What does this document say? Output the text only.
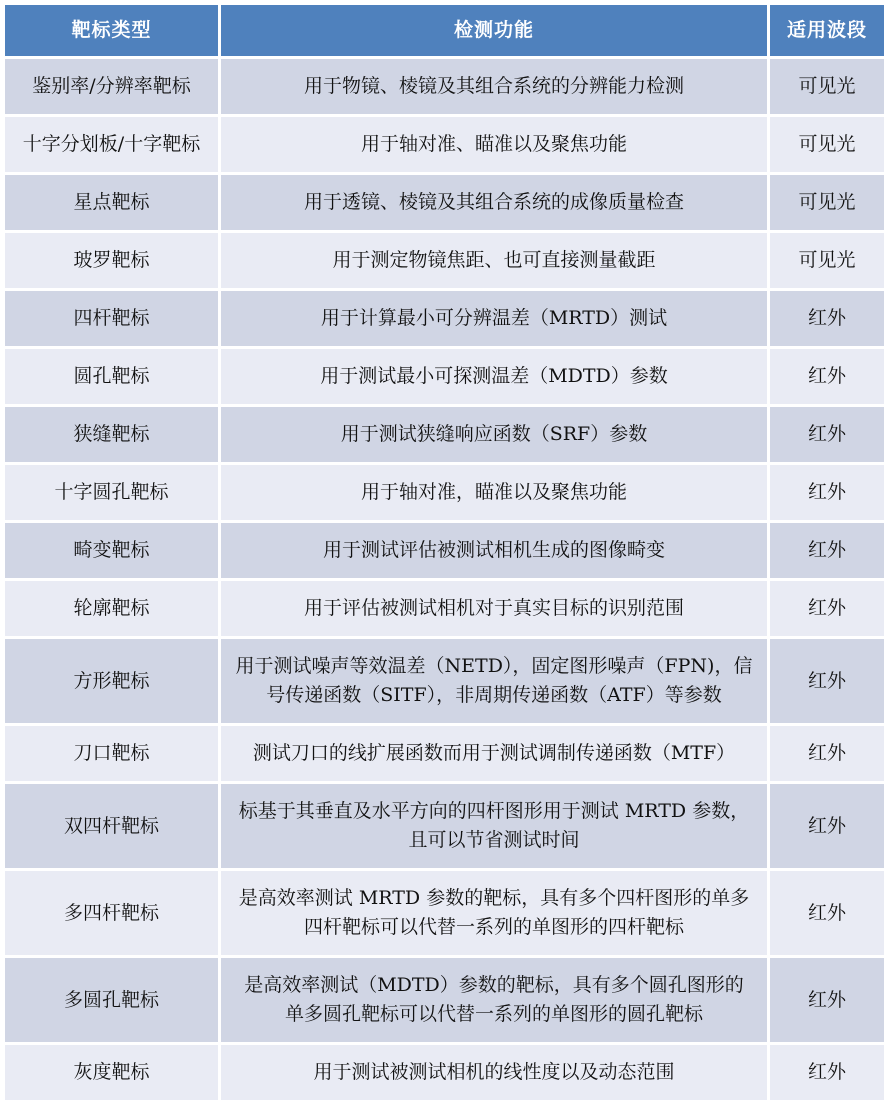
靶标类型	检测功能	适用波段
鉴别率/分辨率靶标	用于物镜、棱镜及其组合系统的分辨能力检测	可见光
十字分划板/十字靶标	用于轴对准、瞄准以及聚焦功能	可见光
星点靶标	用于透镜、棱镜及其组合系统的成像质量检查	可见光
玻罗靶标	用于测定物镜焦距、也可直接测量截距	可见光
四杆靶标	用于计算最小可分辨温差（MRTD）测试	红外
圆孔靶标	用于测试最小可探测温差（MDTD）参数	红外
狭缝靶标	用于测试狭缝响应函数（SRF）参数	红外
十字圆孔靶标	用于轴对准，瞄准以及聚焦功能	红外
畸变靶标	用于测试评估被测试相机生成的图像畸变	红外
轮廓靶标	用于评估被测试相机对于真实目标的识别范围	红外
方形靶标	用于测试噪声等效温差（NETD），固定图形噪声（FPN)，信号传递函数（SITF），非周期传递函数（ATF）等参数	红外
刀口靶标	测试刀口的线扩展函数而用于测试调制传递函数（MTF）	红外
双四杆靶标	标基于其垂直及水平方向的四杆图形用于测试 MRTD 参数，且可以节省测试时间	红外
多四杆靶标	是高效率测试 MRTD 参数的靶标，具有多个四杆图形的单多四杆靶标可以代替一系列的单图形的四杆靶标	红外
多圆孔靶标	是高效率测试（MDTD）参数的靶标，具有多个圆孔图形的单多圆孔靶标可以代替一系列的单图形的圆孔靶标	红外
灰度靶标	用于测试被测试相机的线性度以及动态范围	红外
